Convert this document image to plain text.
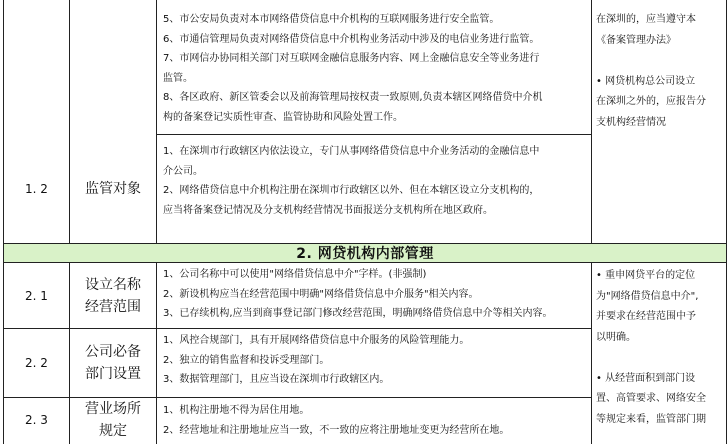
5、市公安局负责对本市网络借贷信息中介机构的互联网服务进行安全监管。
6、市通信管理局负责对网络借贷信息中介机构业务活动中涉及的电信业务进行监管。
7、市网信办协同相关部门对互联网金融信息服务内容、网上金融信息安全等业务进行
监管。
8、各区政府、新区管委会以及前海管理局按权责一致原则,负责本辖区网络借贷中介机
构的备案登记实质性审查、监管协助和风险处置工作。
在深圳的，应当遵守本
《备案管理办法》

• 网贷机构总公司设立
在深圳之外的，应报告分
支机构经营情况
1. 2	监管对象
1、在深圳市行政辖区内依法设立，专门从事网络借贷信息中介业务活动的金融信息中
介公司。
2、网络借贷信息中介机构注册在深圳市行政辖区以外、但在本辖区设立分支机构的，
应当将备案登记情况及分支机构经营情况书面报送分支机构所在地区政府。
2. 网贷机构内部管理
2. 1
设立名称
经营范围
1、公司名称中可以使用"网络借贷信息中介"字样。(非强制)
2、新设机构应当在经营范围中明确"网络借贷信息中介服务"相关内容。
3、已存续机构,应当到商事登记部门修改经营范围，明确网络借贷信息中介等相关内容。
2. 2
公司必备
部门设置
1、风控合规部门，具有开展网络借贷信息中介服务的风险管理能力。
2、独立的销售监督和投诉受理部门。
3、数据管理部门，且应当设在深圳市行政辖区内。
2. 3
营业场所
规定
1、机构注册地不得为居住用地。
2、经营地址和注册地址应当一致，不一致的应将注册地址变更为经营所在地。
• 重申网贷平台的定位
为"网络借贷信息中介",
并要求在经营范围中予
以明确。

• 从经营面积到部门设
置、高管要求、网络安全
等规定来看，监管部门期
